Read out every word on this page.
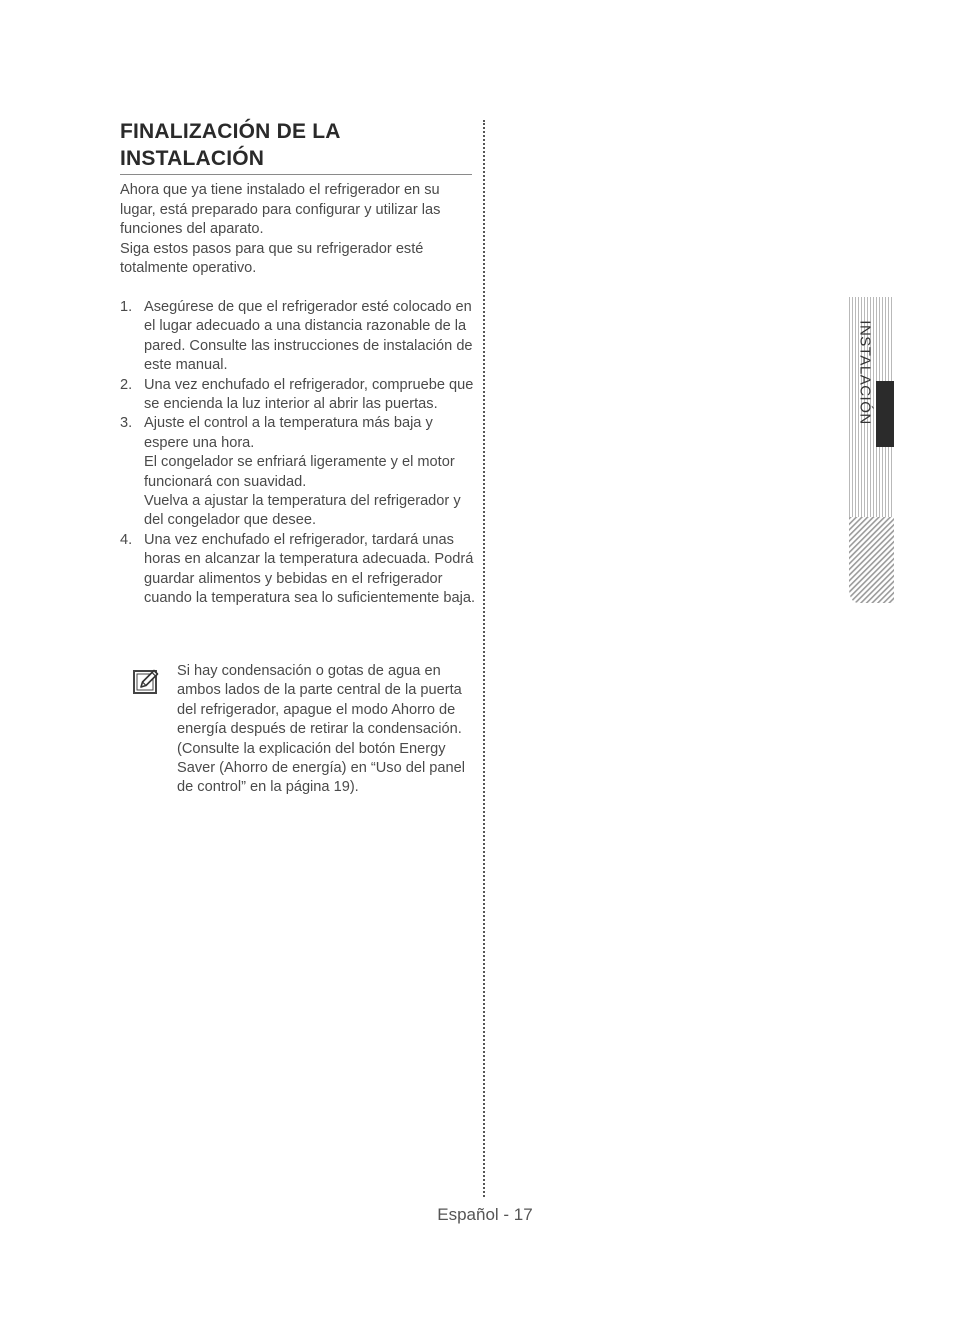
FINALIZACIÓN DE LA
INSTALACIÓN

Ahora que ya tiene instalado el refrigerador en su lugar, está preparado para configurar y utilizar las funciones del aparato.

Siga estos pasos para que su refrigerador esté totalmente operativo.

1. Asegúrese de que el refrigerador esté colocado en el lugar adecuado a una distancia razonable de la pared. Consulte las instrucciones de instalación de este manual.
2. Una vez enchufado el refrigerador, compruebe que se encienda la luz interior al abrir las puertas.
3. Ajuste el control a la temperatura más baja y espere una hora.
El congelador se enfriará ligeramente y el motor funcionará con suavidad.
Vuelva a ajustar la temperatura del refrigerador y del congelador que desee.
4. Una vez enchufado el refrigerador, tardará unas horas en alcanzar la temperatura adecuada. Podrá guardar alimentos y bebidas en el refrigerador cuando la temperatura sea lo suficientemente baja.
Si hay condensación o gotas de agua en ambos lados de la parte central de la puerta del refrigerador, apague el modo Ahorro de energía después de retirar la condensación. (Consulte la explicación del botón Energy Saver (Ahorro de energía) en “Uso del panel de control” en la página 19).
Español - 17
INSTALACIÓN
